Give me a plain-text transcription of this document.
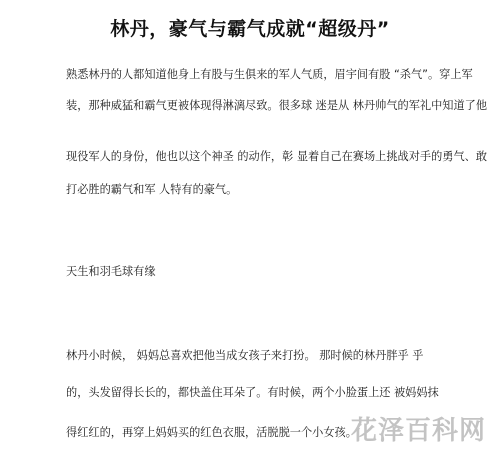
林丹，豪气与霸气成就“超级丹”
熟悉林丹的人都知道他身上有股与生俱来的军人气质，眉宇间有股 “杀气”。穿上军
装，那种威猛和霸气更被体现得淋漓尽致。很多球 迷是从 林丹帅气的军礼中知道了他
现役军人的身份，他也以这个神圣 的动作，彰 显着自己在赛场上挑战对手的勇气、敢
打必胜的霸气和军 人特有的豪气。
天生和羽毛球有缘
林丹小时候， 妈妈总喜欢把他当成女孩子来打扮。 那时候的林丹胖乎 乎
的，头发留得长长的，都快盖住耳朵了。有时候，两个小脸蛋上还 被妈妈抹
得红红的，再穿上妈妈买的红色衣服，活脱脱一个小女孩。
花泽百科网
